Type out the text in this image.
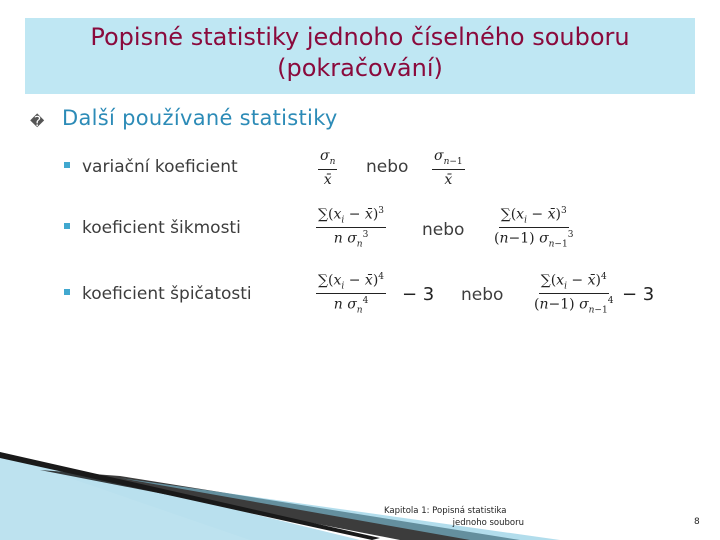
Popisné statistiky jednoho číselného souboru
(pokračování)
� Další používané statistiky
variační koeficient	$\frac{\sigma_n}{x̄}$ nebo $\frac{\sigma_{n-1}}{x̄}$
koeficient šikmosti	$\frac{\sum(x_i - x̄)^3}{n \sigma_n^3}$ nebo $\frac{\sum(x_i - x̄)^3}{(n-1) \sigma_{n-1}^3}$
koeficient špičatosti	$\frac{\sum(x_i - x̄)^4}{n \sigma_n^4} - 3$ nebo $\frac{\sum(x_i - x̄)^4}{(n-1) \sigma_{n-1}^4} - 3$
Kapitola 1: Popisná statistika
jednoho souboru	8
